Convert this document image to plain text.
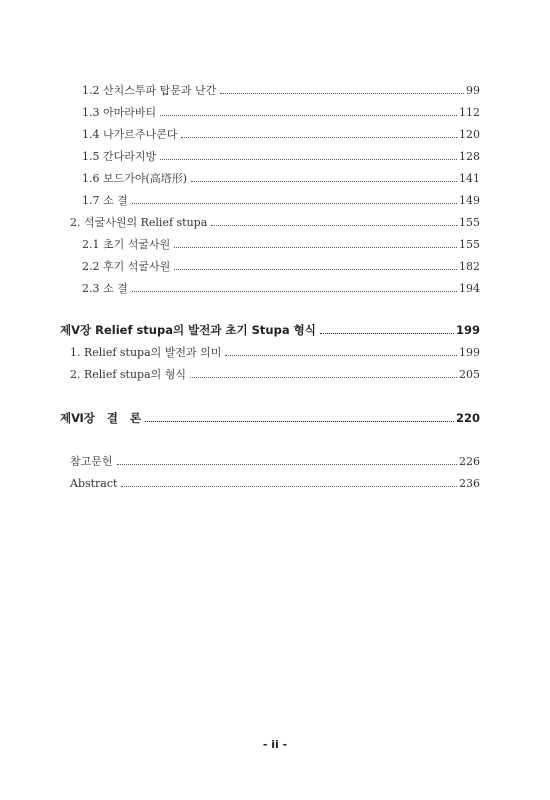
1.2 산치스투파 탑문과 난간	99
1.3 아마라바티	112
1.4 나가르주나콘다	120
1.5 간다라지방	128
1.6 보드가야(高塔形)	141
1.7 소 결	149
2. 석굴사원의 Relief stupa	155
2.1 초기 석굴사원	155
2.2 후기 석굴사원	182
2.3 소 결	194
제Ⅴ장 Relief stupa의 발전과 초기 Stupa 형식	199
1. Relief stupa의 발전과 의미	199
2. Relief stupa의 형식	205
제Ⅵ장 결 론	220
참고문헌	226
Abstract	236
- ii -
